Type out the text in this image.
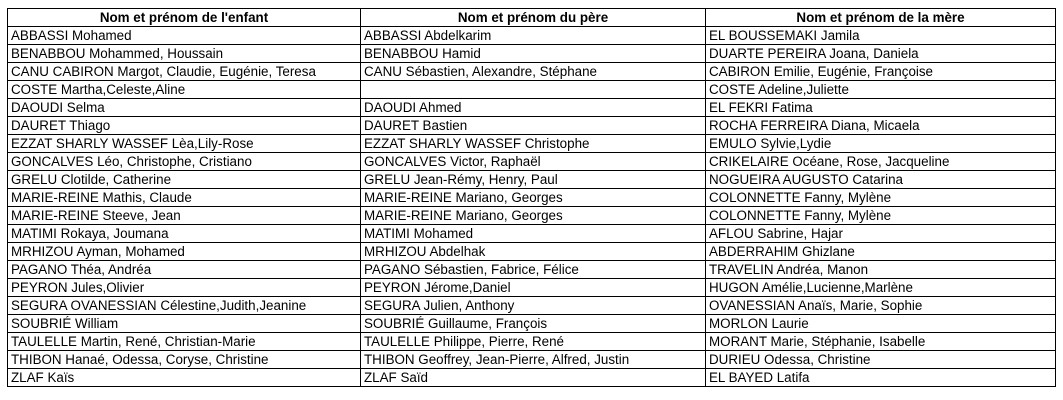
Nom et prénom de l'enfant	Nom et prénom du père	Nom et prénom de la mère
ABBASSI Mohamed	ABBASSI Abdelkarim	EL BOUSSEMAKI Jamila
BENABBOU Mohammed, Houssain	BENABBOU Hamid	DUARTE PEREIRA Joana, Daniela
CANU CABIRON Margot, Claudie, Eugénie, Teresa	CANU Sébastien, Alexandre, Stéphane	CABIRON Emilie, Eugénie, Françoise
COSTE Martha,Celeste,Aline		COSTE Adeline,Juliette
DAOUDI Selma	DAOUDI Ahmed	EL FEKRI Fatima
DAURET Thiago	DAURET Bastien	ROCHA FERREIRA Diana, Micaela
EZZAT SHARLY WASSEF Lèa,Lily-Rose	EZZAT SHARLY WASSEF Christophe	EMULO Sylvie,Lydie
GONCALVES Léo, Christophe, Cristiano	GONCALVES Victor, Raphaël	CRIKELAIRE Océane, Rose, Jacqueline
GRELU Clotilde, Catherine	GRELU Jean-Rémy, Henry, Paul	NOGUEIRA AUGUSTO Catarina
MARIE-REINE Mathis, Claude	MARIE-REINE Mariano, Georges	COLONNETTE Fanny, Mylène
MARIE-REINE Steeve, Jean	MARIE-REINE Mariano, Georges	COLONNETTE Fanny, Mylène
MATIMI Rokaya, Joumana	MATIMI Mohamed	AFLOU Sabrine, Hajar
MRHIZOU Ayman, Mohamed	MRHIZOU Abdelhak	ABDERRAHIM Ghizlane
PAGANO Théa, Andréa	PAGANO Sébastien, Fabrice, Félice	TRAVELIN Andréa, Manon
PEYRON Jules,Olivier	PEYRON Jérome,Daniel	HUGON Amélie,Lucienne,Marlène
SEGURA OVANESSIAN Célestine,Judith,Jeanine	SEGURA Julien, Anthony	OVANESSIAN Anaïs, Marie, Sophie
SOUBRIÉ William	SOUBRIÉ Guillaume, François	MORLON Laurie
TAULELLE Martin, René, Christian-Marie	TAULELLE Philippe, Pierre, René	MORANT Marie, Stéphanie, Isabelle
THIBON Hanaé, Odessa, Coryse, Christine	THIBON Geoffrey, Jean-Pierre, Alfred, Justin	DURIEU Odessa, Christine
ZLAF Kaïs	ZLAF Saïd	EL BAYED Latifa
